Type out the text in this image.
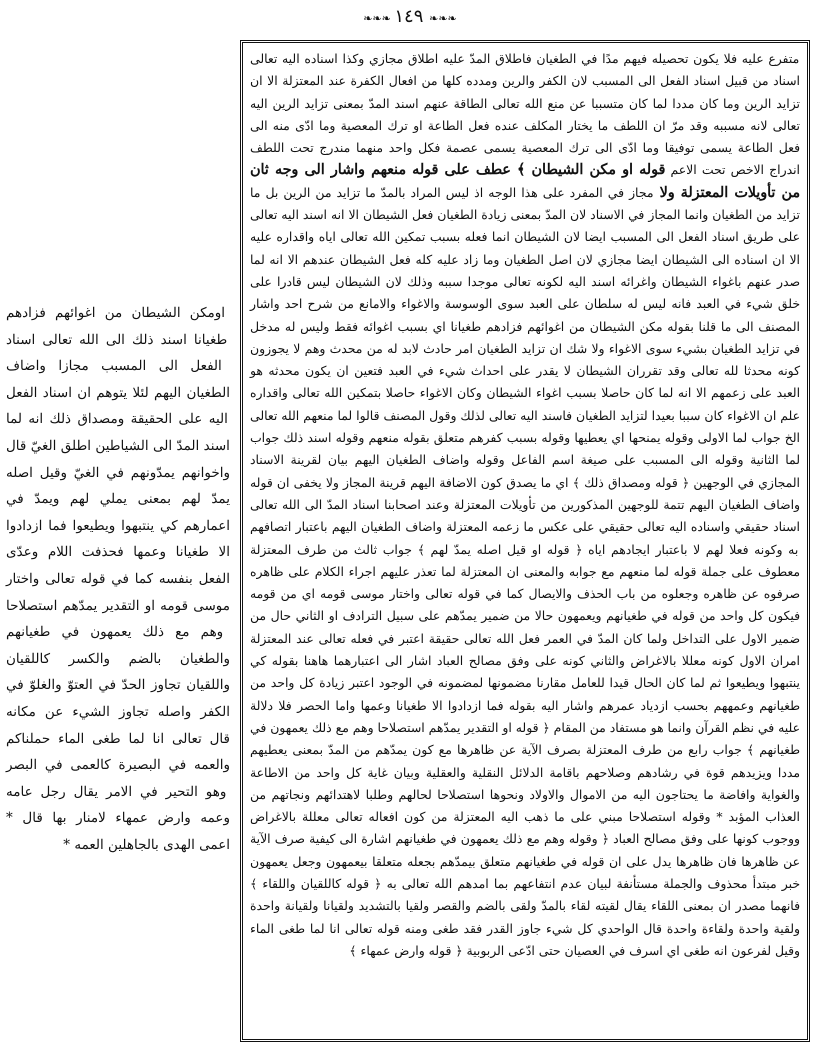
❧❧❧ ١٤٩ ❧❧❧

متفرع عليه فلا يكون تحصيله فيهم مدًا في الطغيان فاطلاق المدّ عليه اطلاق مجازي وكذا اسناده اليه تعالى اسناد من قبيل اسناد الفعل الى المسبب لان الكفر والرين ومدده كلها من افعال الكفرة عند المعتزلة الا ان تزايد الرين وما كان مددا لما كان متسببا عن منع الله تعالى الطاقة عنهم اسند المدّ بمعنى تزايد الرين اليه تعالى لانه مسببه وقد مرّ ان اللطف ما يختار المكلف عنده فعل الطاعة او ترك المعصية وما ادّى منه الى فعل الطاعة يسمى توفيقا وما ادّى الى ترك المعصية يسمى عصمة فكل واحد منهما مندرج تحت اللطف اندراج الاخص تحت الاعم قوله او مكن الشيطان ﴾ عطف على قوله منعهم واشار الى وجه ثان من تأويلات المعتزلة ولا مجاز في المفرد على هذا الوجه اذ ليس المراد بالمدّ ما تزايد من الرين بل ما تزايد من الطغيان وانما المجاز في الاسناد لان المدّ بمعنى زيادة الطغيان فعل الشيطان الا انه اسند اليه تعالى على طريق اسناد الفعل الى المسبب ايضا لان الشيطان انما فعله بسبب تمكين الله تعالى اياه واقداره عليه الا ان اسناده الى الشيطان ايضا مجازي لان اصل الطغيان وما زاد عليه كله فعل الشيطان عندهم الا انه لما صدر عنهم باغواء الشيطان واغرائه اسند اليه لكونه تعالى موجدا سببه وذلك لان الشيطان ليس قادرا على خلق شيء في العبد فانه ليس له سلطان على العبد سوى الوسوسة والاغواء والامانع من شرح احد واشار المصنف الى ما قلنا بقوله مكن الشيطان من اغوائهم فزادهم طغيانا اي بسبب اغوائه فقط وليس له مدخل في تزايد الطغيان بشيء سوى الاغواء ولا شك ان تزايد الطغيان امر حادث لابد له من محدث وهم لا يجوزون كونه محدثا لله تعالى وقد تقرران الشيطان لا يقدر على احداث شيء في العبد فتعين ان يكون محدثه هو العبد على زعمهم الا انه لما كان حاصلا بسبب اغواء الشيطان وكان الاغواء حاصلا بتمكين الله تعالى واقداره علم ان الاغواء كان سببا بعيدا لتزايد الطغيان فاسند اليه تعالى لذلك وقول المصنف قالوا لما منعهم الله تعالى الخ جواب لما الاولى وقوله يمنحها اي يعطيها وقوله بسبب كفرهم متعلق بقوله منعهم وقوله اسند ذلك جواب لما الثانية وقوله الى المسبب على صيغة اسم الفاعل وقوله واضاف الطغيان اليهم بيان لقرينة الاسناد المجازي في الوجهين ﴿ قوله ومصداق ذلك ﴾ اي ما يصدق كون الاضافة اليهم قرينة المجاز ولا يخفى ان قوله واضاف الطغيان اليهم تتمة للوجهين المذكورين من تأويلات المعتزلة وعند اصحابنا اسناد المدّ الى الله تعالى اسناد حقيقي واسناده اليه تعالى حقيقي على عكس ما زعمه المعتزلة واضاف الطغيان اليهم باعتبار اتصافهم به وكونه فعلا لهم لا باعتبار ايجادهم اياه ﴿ قوله او قيل اصله يمدّ لهم ﴾ جواب ثالث من طرف المعتزلة معطوف على جملة قوله لما منعهم مع جوابه والمعنى ان المعتزلة لما تعذر عليهم اجراء الكلام على ظاهره صرفوه عن ظاهره وجعلوه من باب الحذف والايصال كما في قوله تعالى واختار موسى قومه اي من قومه فيكون كل واحد من قوله في طغيانهم ويعمهون حالا من ضمير يمدّهم على سبيل الترادف او الثاني حال من ضمير الاول على التداخل ولما كان المدّ في العمر فعل الله تعالى حقيقة اعتبر في فعله تعالى عند المعتزلة امران الاول كونه معللا بالاغراض والثاني كونه على وفق مصالح العباد اشار الى اعتبارهما هاهنا بقوله كي ينتبهوا ويطيعوا ثم لما كان الحال قيدا للعامل مقارنا مضمونها لمضمونه في الوجود اعتبر زيادة كل واحد من طغيانهم وعمههم بحسب ازدياد عمرهم واشار اليه بقوله فما ازدادوا الا طغيانا وعمها واما الحصر فلا دلالة عليه في نظم القرآن وانما هو مستفاد من المقام ﴿ قوله او التقدير يمدّهم استصلاحا وهم مع ذلك يعمهون في طغيانهم ﴾ جواب رابع من طرف المعتزلة بصرف الآية عن ظاهرها مع كون يمدّهم من المدّ بمعنى يعطيهم مددا ويزيدهم قوة في رشادهم وصلاحهم باقامة الدلائل النقلية والعقلية وبيان غاية كل واحد من الاطاعة والغواية وافاضة ما يحتاجون اليه من الاموال والاولاد ونحوها استصلاحا لحالهم وطلبا لاهتدائهم ونجاتهم من العذاب المؤبد * وقوله استصلاحا مبني على ما ذهب اليه المعتزلة من كون افعاله تعالى معللة بالاغراض ووجوب كونها على وفق مصالح العباد ﴿ وقوله وهم مع ذلك يعمهون في طغيانهم اشارة الى كيفية صرف الآية عن ظاهرها فان ظاهرها يدل على ان قوله في طغيانهم متعلق بيمدّهم بجعله متعلقا بيعمهون وجعل يعمهون خبر مبتدأ محذوف والجملة مستأنفة لبيان عدم انتفاعهم بما امدهم الله تعالى به ﴿ قوله كاللقيان واللقاء ﴾ فانهما مصدر ان بمعنى اللقاء يقال لقيته لقاء بالمدّ ولقى بالضم والقصر ولقيا بالتشديد ولقيانا ولقيانة واحدة ولقية واحدة ولقاءة واحدة قال الواحدي كل شيء جاوز القدر فقد طغى ومنه قوله تعالى انا لما طغى الماء وقيل لفرعون انه طغى اي اسرف في العصيان حتى ادّعى الربوبية ﴿ قوله وارض عمهاء ﴾

اومكن الشيطان من اغوائهم فزادهم طغيانا اسند ذلك الى الله تعالى اسناد الفعل الى المسبب مجازا واضاف الطغيان اليهم لئلا يتوهم ان اسناد الفعل اليه على الحقيقة ومصداق ذلك انه لما اسند المدّ الى الشياطين اطلق الغيّ قال واخوانهم يمدّونهم في الغيّ وقيل اصله يمدّ لهم بمعنى يملي لهم ويمدّ في اعمارهم كي ينتبهوا ويطيعوا فما ازدادوا الا طغيانا وعمها فحذفت اللام وعدّى الفعل بنفسه كما في قوله تعالى واختار موسى قومه او التقدير يمدّهم استصلاحا وهم مع ذلك يعمهون في طغيانهم والطغيان بالضم والكسر كاللقيان واللقيان تجاوز الحدّ في العتوّ والغلوّ في الكفر واصله تجاوز الشيء عن مكانه قال تعالى انا لما طغى الماء حملناكم والعمه في البصيرة كالعمى في البصر وهو التحير في الامر يقال رجل عامه وعمه وارض عمهاء لامنار بها قال * اعمى الهدى بالجاهلين العمه *
